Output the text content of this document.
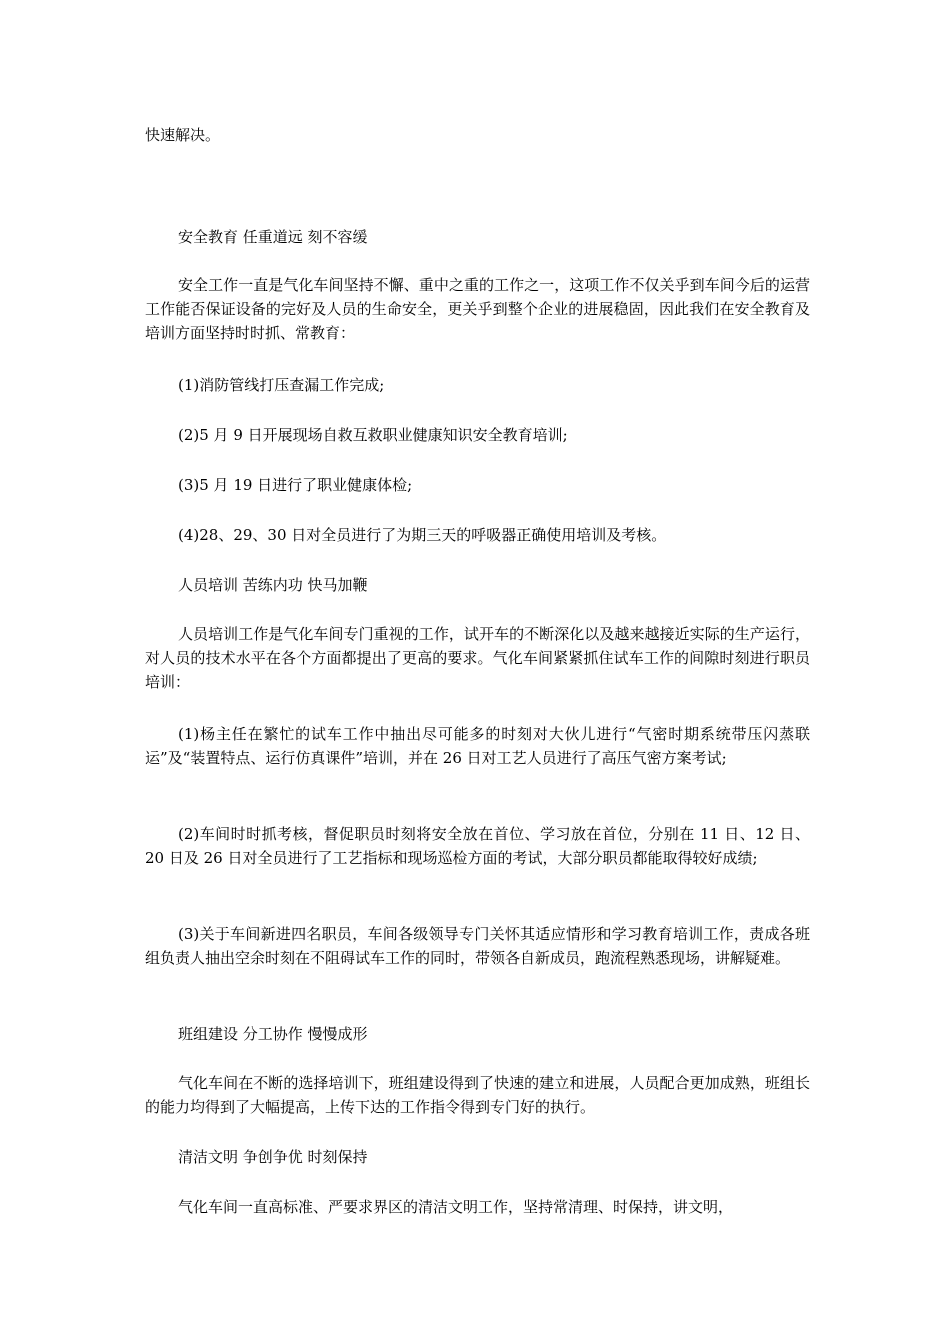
快速解决。

安全教育 任重道远 刻不容缓

安全工作一直是气化车间坚持不懈、重中之重的工作之一，这项工作不仅关乎到车间今后的运营工作能否保证设备的完好及人员的生命安全，更关乎到整个企业的进展稳固，因此我们在安全教育及培训方面坚持时时抓、常教育：

(1)消防管线打压查漏工作完成;

(2)5 月 9 日开展现场自救互救职业健康知识安全教育培训;

(3)5 月 19 日进行了职业健康体检;

(4)28、29、30 日对全员进行了为期三天的呼吸器正确使用培训及考核。

人员培训 苦练内功 快马加鞭

人员培训工作是气化车间专门重视的工作，试开车的不断深化以及越来越接近实际的生产运行，对人员的技术水平在各个方面都提出了更高的要求。气化车间紧紧抓住试车工作的间隙时刻进行职员培训：

(1)杨主任在繁忙的试车工作中抽出尽可能多的时刻对大伙儿进行“气密时期系统带压闪蒸联运”及“装置特点、运行仿真课件”培训，并在 26 日对工艺人员进行了高压气密方案考试;

(2)车间时时抓考核，督促职员时刻将安全放在首位、学习放在首位，分别在 11 日、12 日、20 日及 26 日对全员进行了工艺指标和现场巡检方面的考试，大部分职员都能取得较好成绩;

(3)关于车间新进四名职员，车间各级领导专门关怀其适应情形和学习教育培训工作，责成各班组负责人抽出空余时刻在不阻碍试车工作的同时，带领各自新成员，跑流程熟悉现场，讲解疑难。

班组建设 分工协作 慢慢成形

气化车间在不断的选择培训下，班组建设得到了快速的建立和进展，人员配合更加成熟，班组长的能力均得到了大幅提高，上传下达的工作指令得到专门好的执行。

清洁文明 争创争优 时刻保持

气化车间一直高标准、严要求界区的清洁文明工作，坚持常清理、时保持，讲文明，
